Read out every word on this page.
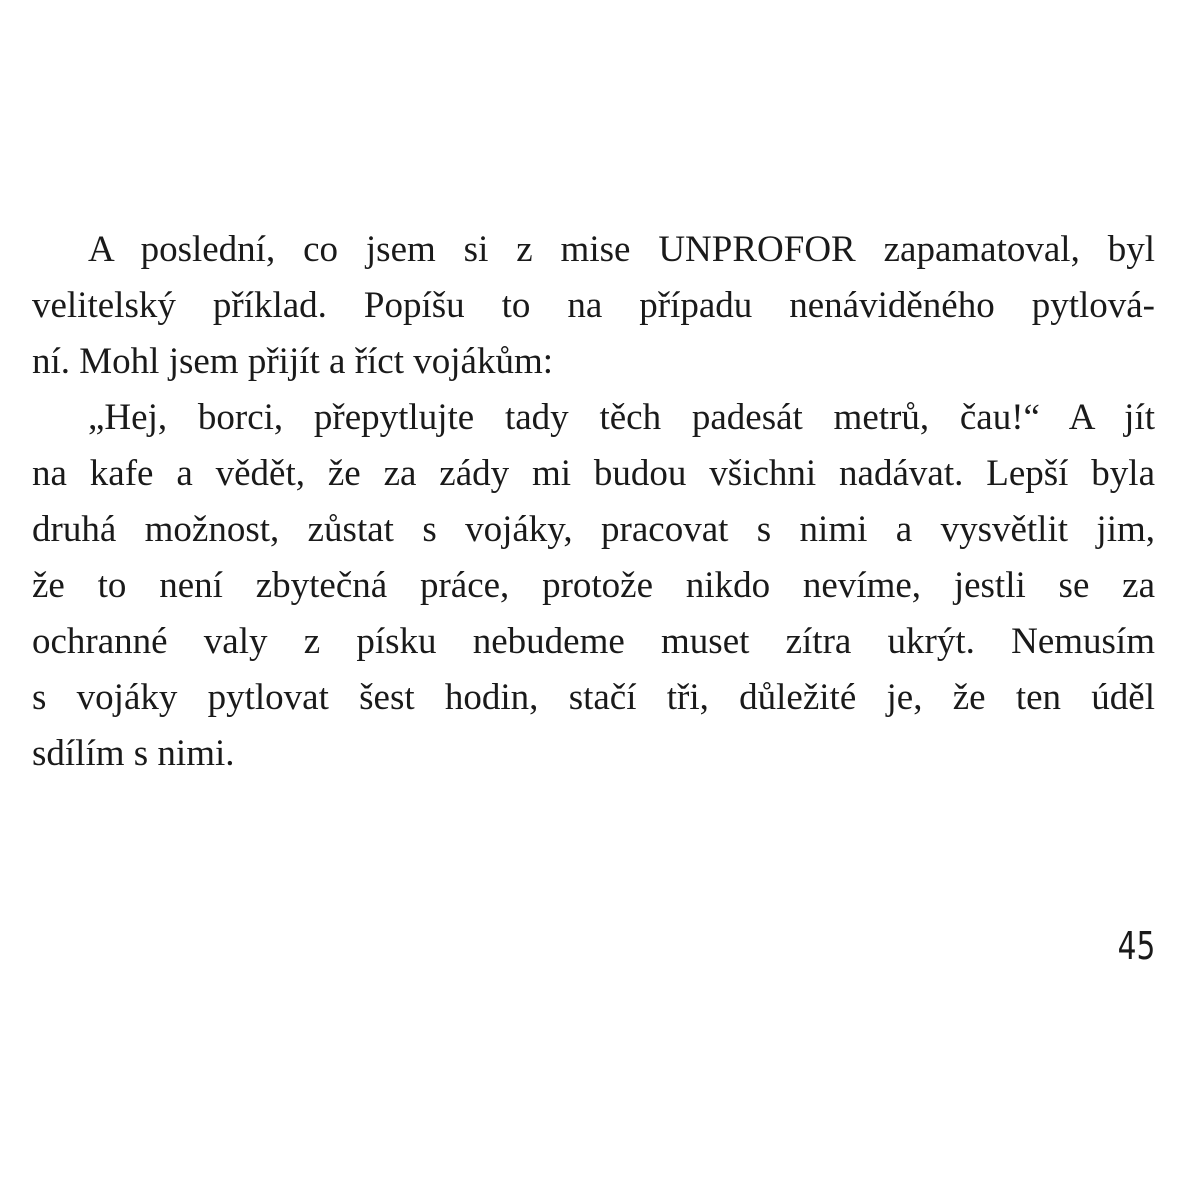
A poslední, co jsem si z mise UNPROFOR zapamatoval, byl
velitelský příklad. Popíšu to na případu nenáviděného pytlová-
ní. Mohl jsem přijít a říct vojákům:
„Hej, borci, přepytlujte tady těch padesát metrů, čau!“ A jít
na kafe a vědět, že za zády mi budou všichni nadávat. Lepší byla
druhá možnost, zůstat s vojáky, pracovat s nimi a vysvětlit jim,
že to není zbytečná práce, protože nikdo nevíme, jestli se za
ochranné valy z písku nebudeme muset zítra ukrýt. Nemusím
s vojáky pytlovat šest hodin, stačí tři, důležité je, že ten úděl
sdílím s nimi.
45
